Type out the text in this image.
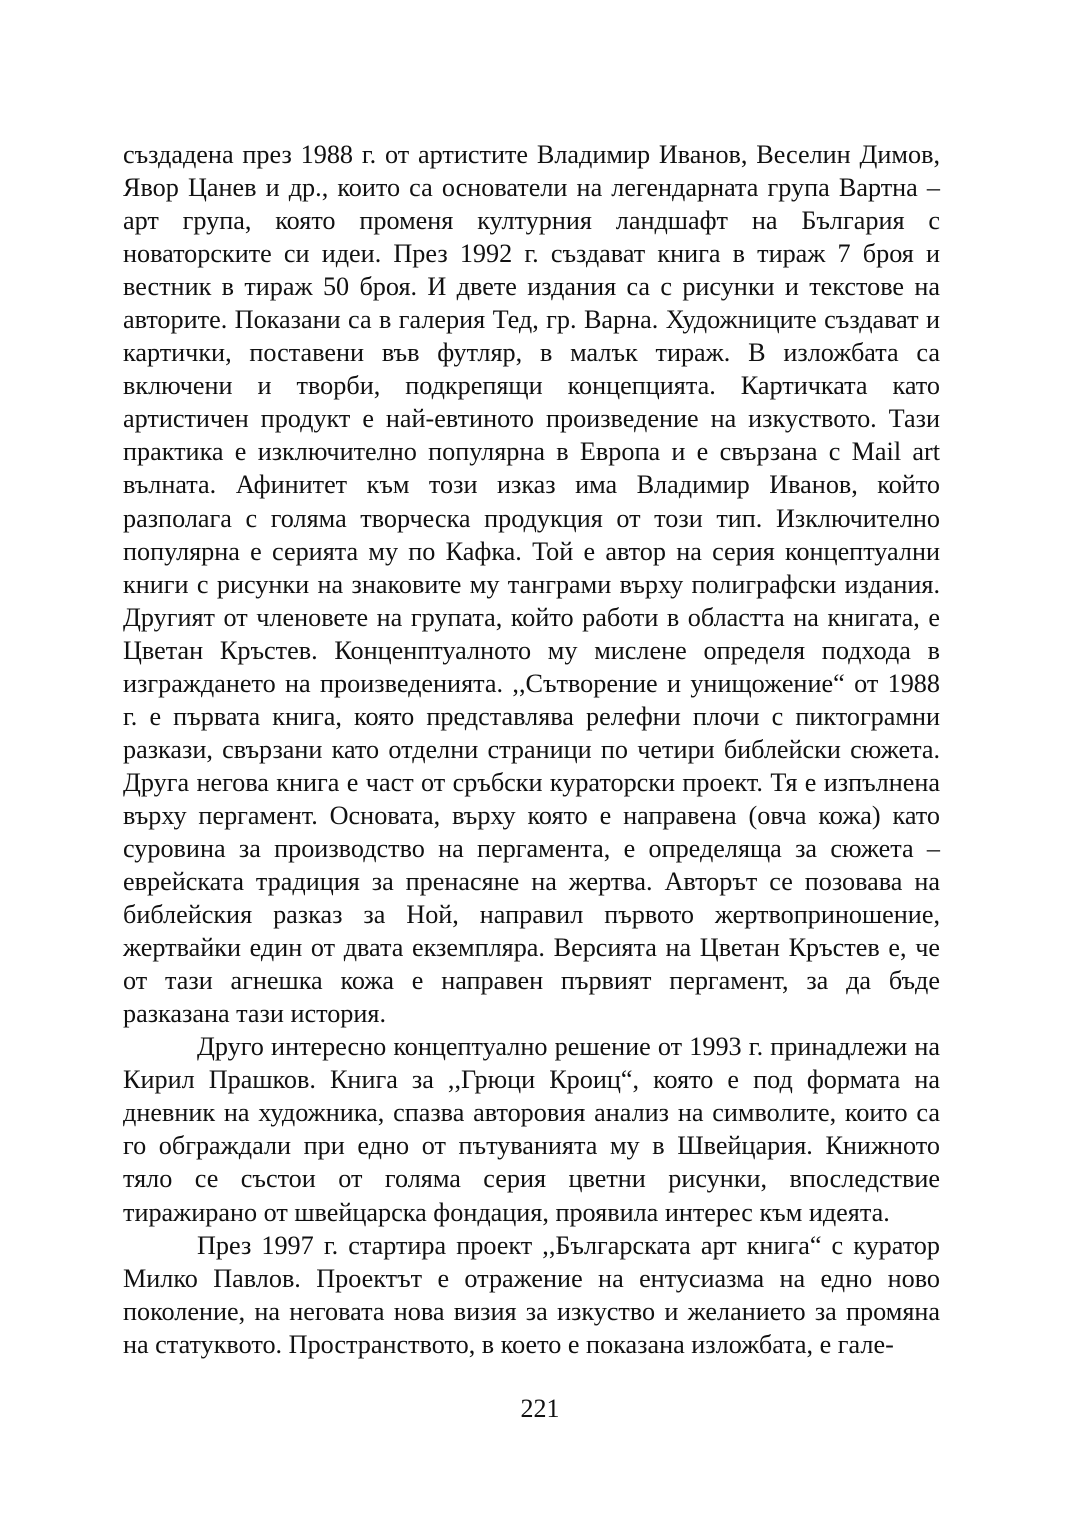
създадена през 1988 г. от артистите Владимир Иванов, Веселин Димов, Явор Цанев и др., които са основатели на легендарната група Вартна – арт група, която променя културния ландшафт на България с новаторските си идеи. През 1992 г. създават книга в тираж 7 броя и вестник в тираж 50 броя. И двете издания са с рисунки и текстове на авторите. Показани са в галерия Тед, гр. Варна. Художниците създават и картички, поставени във футляр, в малък тираж. В изложбата са включени и творби, подкрепящи концепцията. Картичката като артистичен продукт е най-евтиното произведение на изкуството. Тази практика е изключително популярна в Европа и е свързана с Mail art вълната. Афинитет към този изказ има Владимир Иванов, който разполага с голяма творческа продукция от този тип. Изключително популярна е серията му по Кафка. Той е автор на серия концептуални книги с рисунки на знаковите му танграми върху полиграфски издания. Другият от членовете на групата, който работи в областта на книгата, е Цветан Кръстев. Конценптуалното му мислене определя подхода в изграждането на произведенията. ,,Сътворение и унищожение“ от 1988 г. е първата книга, която представлява релефни плочи с пиктограмни разкази, свързани като отделни страници по четири библейски сюжета. Друга негова книга е част от сръбски кураторски проект. Тя е изпълнена върху пергамент. Основата, върху която е направена (овча кожа) като суровина за производство на пергамента, е определяща за сюжета – еврейската традиция за пренасяне на жертва. Авторът се позовава на библейския разказ за Ной, направил първото жертвоприношение, жертвайки един от двата екземпляра. Версията на Цветан Кръстев е, че от тази агнешка кожа е направен първият пергамент, за да бъде разказана тази история.

Друго интересно концептуално решение от 1993 г. принадлежи на Кирил Прашков. Книга за ,,Грюци Кроиц“, която е под формата на дневник на художника, спазва авторовия анализ на символите, които са го обграждали при едно от пътуванията му в Швейцария. Книжното тяло се състои от голяма серия цветни рисунки, впоследствие тиражирано от швейцарска фондация, проявила интерес към идеята.

През 1997 г. стартира проект ,,Българската арт книга“ с куратор Милко Павлов. Проектът е отражение на ентусиазма на едно ново поколение, на неговата нова визия за изкуство и желанието за промяна на статуквото. Пространството, в което е показана изложбата, е гале-

221
